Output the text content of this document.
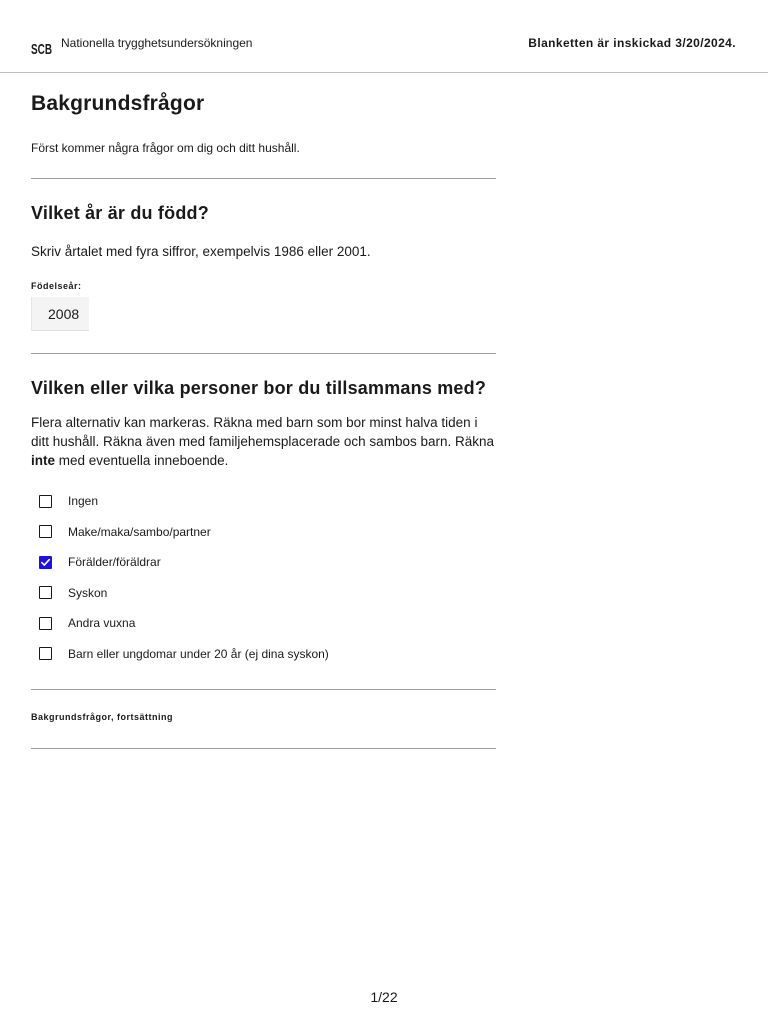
SCB Nationella trygghetsundersökningen	Blanketten är inskickad 3/20/2024.
Bakgrundsfrågor

Först kommer några frågor om dig och ditt hushåll.

Vilket år är du född?

Skriv årtalet med fyra siffror, exempelvis 1986 eller 2001.

Födelseår:
2008
Vilken eller vilka personer bor du tillsammans med?

Flera alternativ kan markeras. Räkna med barn som bor minst halva tiden i ditt hushåll. Räkna även med familjehemsplacerade och sambos barn. Räkna inte med eventuella inneboende.

Ingen
Make/maka/sambo/partner
Förälder/föräldrar
Syskon
Andra vuxna
Barn eller ungdomar under 20 år (ej dina syskon)
Bakgrundsfrågor, fortsättning
1/22
